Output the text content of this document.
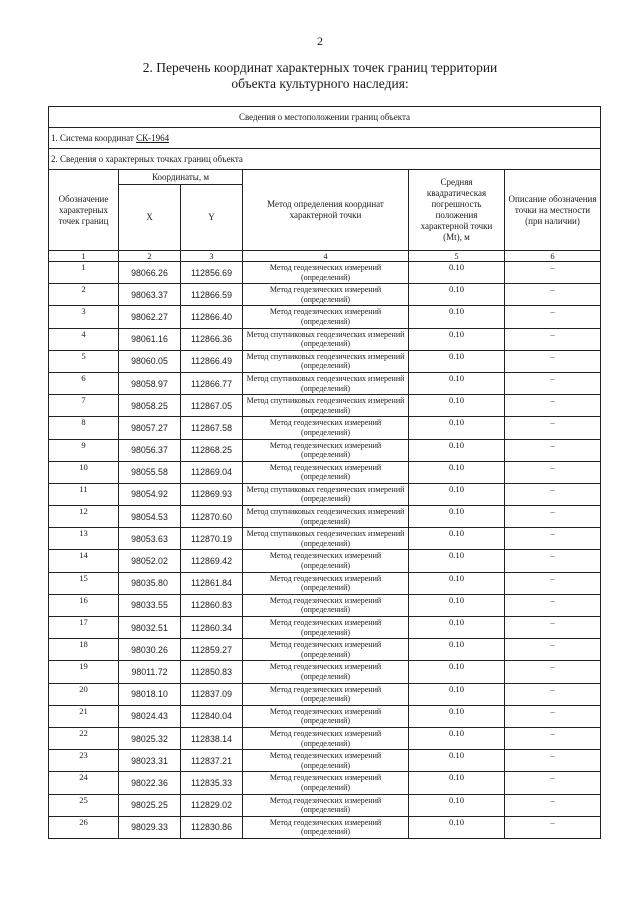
2
2. Перечень координат характерных точек границ территории
объекта культурного наследия:
Сведения о местоположении границ объекта					
1. Система координат СК-1964					
2. Сведения о характерных точках границ объекта					
Обозначение характерных точек границ	Координаты, м		Метод определения координат характерной точки	Средняя квадратическая погрешность положения характерной точки (Мt), м	Описание обозначения точки на местности (при наличии)
	X	Y			
1	2	3	4	5	6
1	98066.26	112856.69	Метод геодезических измерений (определений)	0.10	–
2	98063.37	112866.59	Метод геодезических измерений (определений)	0.10	–
3	98062.27	112866.40	Метод геодезических измерений (определений)	0.10	–
4	98061.16	112866.36	Метод спутниковых геодезических измерений (определений)	0.10	–
5	98060.05	112866.49	Метод спутниковых геодезических измерений (определений)	0.10	–
6	98058.97	112866.77	Метод спутниковых геодезических измерений (определений)	0.10	–
7	98058.25	112867.05	Метод спутниковых геодезических измерений (определений)	0.10	–
8	98057.27	112867.58	Метод геодезических измерений (определений)	0.10	–
9	98056.37	112868.25	Метод геодезических измерений (определений)	0.10	–
10	98055.58	112869.04	Метод геодезических измерений (определений)	0.10	–
11	98054.92	112869.93	Метод спутниковых геодезических измерений (определений)	0.10	–
12	98054.53	112870.60	Метод спутниковых геодезических измерений (определений)	0.10	–
13	98053.63	112870.19	Метод спутниковых геодезических измерений (определений)	0.10	–
14	98052.02	112869.42	Метод геодезических измерений (определений)	0.10	–
15	98035.80	112861.84	Метод геодезических измерений (определений)	0.10	–
16	98033.55	112860.83	Метод геодезических измерений (определений)	0.10	–
17	98032.51	112860.34	Метод геодезических измерений (определений)	0.10	–
18	98030.26	112859.27	Метод геодезических измерений (определений)	0.10	–
19	98011.72	112850.83	Метод геодезических измерений (определений)	0.10	–
20	98018.10	112837.09	Метод геодезических измерений (определений)	0.10	–
21	98024.43	112840.04	Метод геодезических измерений (определений)	0.10	–
22	98025.32	112838.14	Метод геодезических измерений (определений)	0.10	–
23	98023.31	112837.21	Метод геодезических измерений (определений)	0.10	–
24	98022.36	112835.33	Метод геодезических измерений (определений)	0.10	–
25	98025.25	112829.02	Метод геодезических измерений (определений)	0.10	–
26	98029.33	112830.86	Метод геодезических измерений (определений)	0.10	–
